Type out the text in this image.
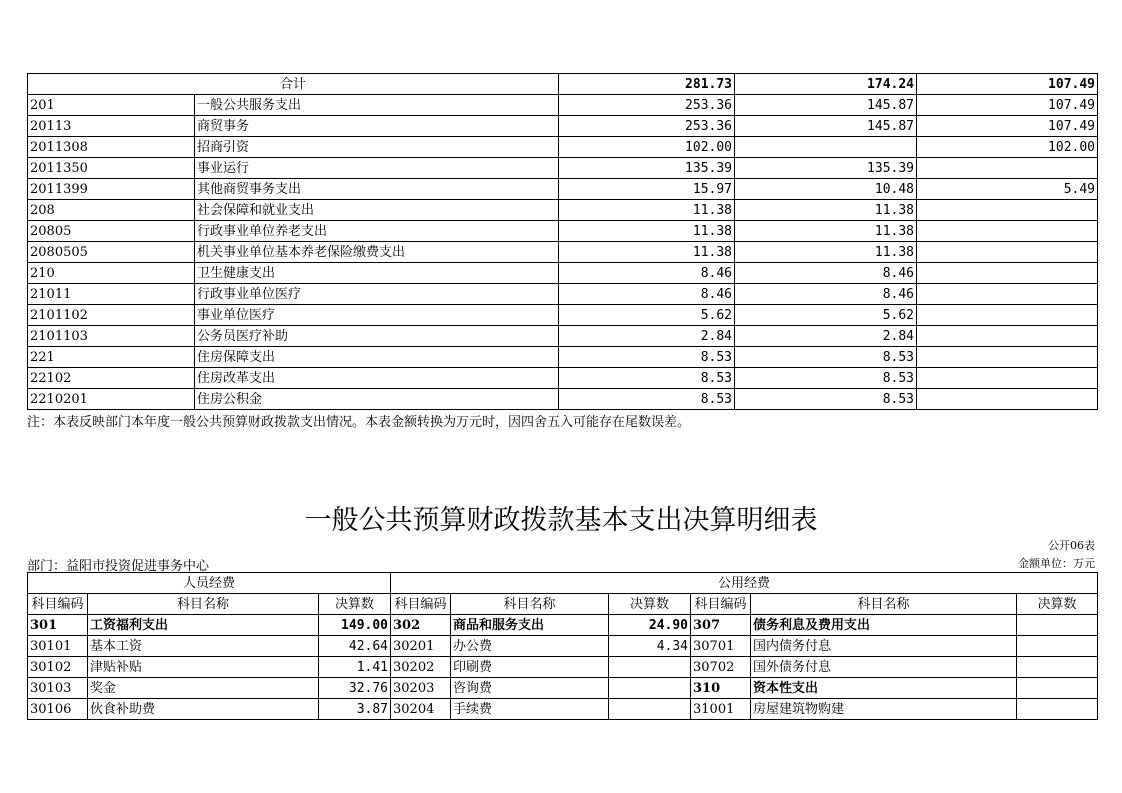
合计		281.73	174.24	107.49
201	一般公共服务支出	253.36	145.87	107.49
20113	商贸事务	253.36	145.87	107.49
2011308	招商引资	102.00		102.00
2011350	事业运行	135.39	135.39	
2011399	其他商贸事务支出	15.97	10.48	5.49
208	社会保障和就业支出	11.38	11.38	
20805	行政事业单位养老支出	11.38	11.38	
2080505	机关事业单位基本养老保险缴费支出	11.38	11.38	
210	卫生健康支出	8.46	8.46	
21011	行政事业单位医疗	8.46	8.46	
2101102	事业单位医疗	5.62	5.62	
2101103	公务员医疗补助	2.84	2.84	
221	住房保障支出	8.53	8.53	
22102	住房改革支出	8.53	8.53	
2210201	住房公积金	8.53	8.53	
注：本表反映部门本年度一般公共预算财政拨款支出情况。本表金额转换为万元时，因四舍五入可能存在尾数误差。
一般公共预算财政拨款基本支出决算明细表
公开06表
部门：益阳市投资促进事务中心	金额单位：万元
人员经费			公用经费					
科目编码	科目名称	决算数	科目编码	科目名称	决算数	科目编码	科目名称	决算数
301	工资福利支出	149.00	302	商品和服务支出	24.90	307	债务利息及费用支出	
30101	基本工资	42.64	30201	办公费	4.34	30701	国内债务付息	
30102	津贴补贴	1.41	30202	印刷费		30702	国外债务付息	
30103	奖金	32.76	30203	咨询费		310	资本性支出	
30106	伙食补助费	3.87	30204	手续费		31001	房屋建筑物购建	
